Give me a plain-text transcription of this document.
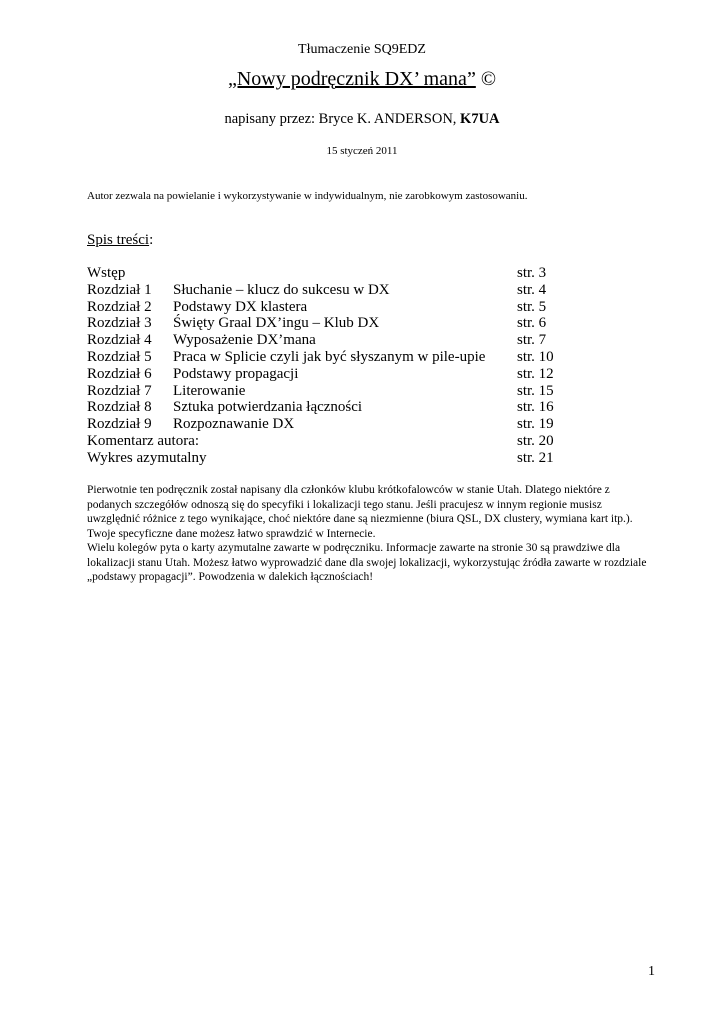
Tłumaczenie SQ9EDZ
„Nowy podręcznik DX’ mana” ©
napisany przez: Bryce K. ANDERSON, K7UA
15 styczeń 2011
Autor zezwala na powielanie i wykorzystywanie w indywidualnym, nie zarobkowym zastosowaniu.
Spis treści:
Wstęp	str. 3
Rozdział 1 Słuchanie – klucz do sukcesu w DX	str. 4
Rozdział 2 Podstawy DX klastera	str. 5
Rozdział 3 Święty Graal DX’ingu – Klub DX	str. 6
Rozdział 4 Wyposażenie DX’mana	str. 7
Rozdział 5 Praca w Splicie czyli jak być słyszanym w pile-upie str. 10
Rozdział 6 Podstawy propagacji	str. 12
Rozdział 7 Literowanie	str. 15
Rozdział 8 Sztuka potwierdzania łączności	str. 16
Rozdział 9 Rozpoznawanie DX	str. 19
Komentarz autora:	str. 20
Wykres azymutalny	str. 21

Pierwotnie ten podręcznik został napisany dla członków klubu krótkofalowców w stanie Utah. Dlatego niektóre z podanych szczegółów odnoszą się do specyfiki i lokalizacji tego stanu. Jeśli pracujesz w innym regionie musisz uwzględnić różnice z tego wynikające, choć niektóre dane są niezmienne (biura QSL, DX clustery, wymiana kart itp.). Twoje specyficzne dane możesz łatwo sprawdzić w Internecie.

Wielu kolegów pyta o karty azymutalne zawarte w podręczniku. Informacje zawarte na stronie 30 są prawdziwe dla lokalizacji stanu Utah. Możesz łatwo wyprowadzić dane dla swojej lokalizacji, wykorzystując źródła zawarte w rozdziale „podstawy propagacji”. Powodzenia w dalekich łącznościach!

1
